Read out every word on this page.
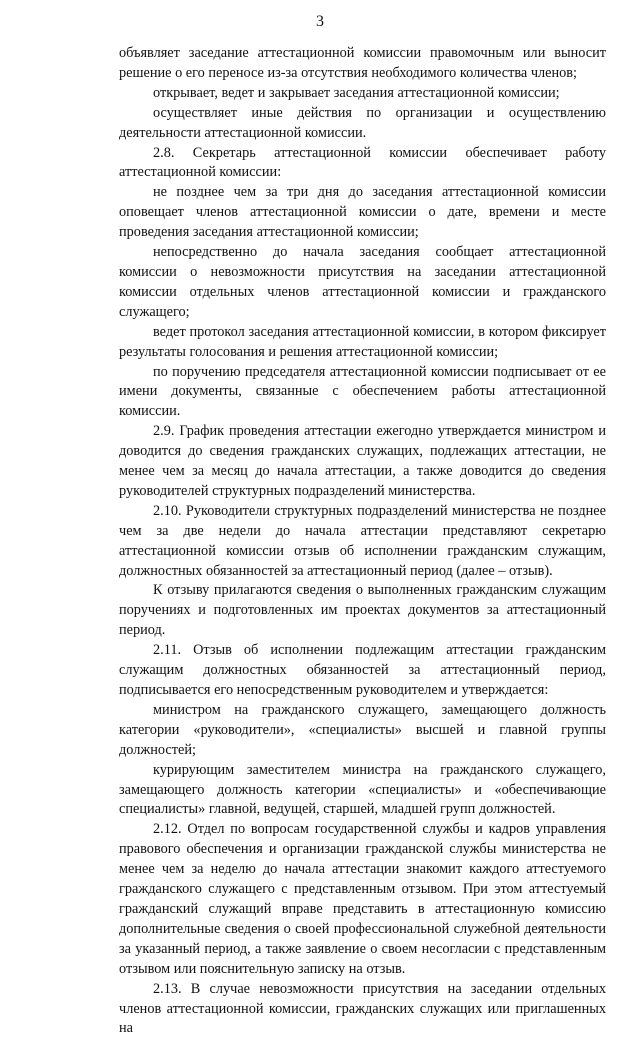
3

объявляет заседание аттестационной комиссии правомочным или выносит решение о его переносе из-за отсутствия необходимого количества членов;

открывает, ведет и закрывает заседания аттестационной комиссии;

осуществляет иные действия по организации и осуществлению деятельности аттестационной комиссии.

2.8. Секретарь аттестационной комиссии обеспечивает работу аттестационной комиссии:

не позднее чем за три дня до заседания аттестационной комиссии оповещает членов аттестационной комиссии о дате, времени и месте проведения заседания аттестационной комиссии;

непосредственно до начала заседания сообщает аттестационной комиссии о невозможности присутствия на заседании аттестационной комиссии отдельных членов аттестационной комиссии и гражданского служащего;

ведет протокол заседания аттестационной комиссии, в котором фиксирует результаты голосования и решения аттестационной комиссии;

по поручению председателя аттестационной комиссии подписывает от ее имени документы, связанные с обеспечением работы аттестационной комиссии.

2.9. График проведения аттестации ежегодно утверждается министром и доводится до сведения гражданских служащих, подлежащих аттестации, не менее чем за месяц до начала аттестации, а также доводится до сведения руководителей структурных подразделений министерства.

2.10. Руководители структурных подразделений министерства не позднее чем за две недели до начала аттестации представляют секретарю аттестационной комиссии отзыв об исполнении гражданским служащим, должностных обязанностей за аттестационный период (далее – отзыв).

К отзыву прилагаются сведения о выполненных гражданским служащим поручениях и подготовленных им проектах документов за аттестационный период.

2.11. Отзыв об исполнении подлежащим аттестации гражданским служащим должностных обязанностей за аттестационный период, подписывается его непосредственным руководителем и утверждается:

министром на гражданского служащего, замещающего должность категории «руководители», «специалисты» высшей и главной группы должностей;

курирующим заместителем министра на гражданского служащего, замещающего должность категории «специалисты» и «обеспечивающие специалисты» главной, ведущей, старшей, младшей групп должностей.

2.12. Отдел по вопросам государственной службы и кадров управления правового обеспечения и организации гражданской службы министерства не менее чем за неделю до начала аттестации знакомит каждого аттестуемого гражданского служащего с представленным отзывом. При этом аттестуемый гражданский служащий вправе представить в аттестационную комиссию дополнительные сведения о своей профессиональной служебной деятельности за указанный период, а также заявление о своем несогласии с представленным отзывом или пояснительную записку на отзыв.

2.13. В случае невозможности присутствия на заседании отдельных членов аттестационной комиссии, гражданских служащих или приглашенных на
